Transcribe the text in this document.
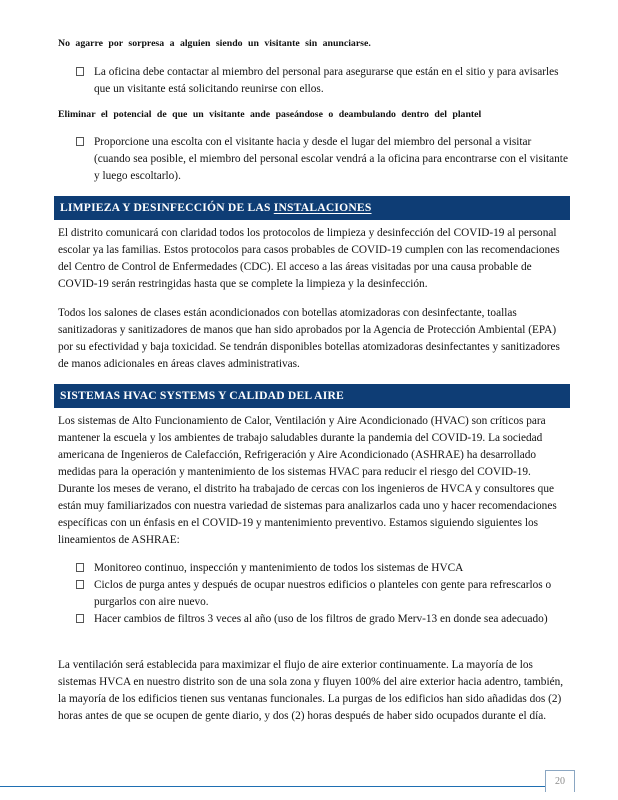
No agarre por sorpresa a alguien siendo un visitante sin anunciarse.

La oficina debe contactar al miembro del personal para asegurarse que están en el sitio y para avisarles que un visitante está solicitando reunirse con ellos.

Eliminar el potencial de que un visitante ande paseándose o deambulando dentro del plantel

Proporcione una escolta con el visitante hacia y desde el lugar del miembro del personal a visitar (cuando sea posible, el miembro del personal escolar vendrá a la oficina para encontrarse con el visitante y luego escoltarlo).
LIMPIEZA Y DESINFECCIÓN DE LAS INSTALACIONES

El distrito comunicará con claridad todos los protocolos de limpieza y desinfección del COVID-19 al personal escolar ya las familias. Estos protocolos para casos probables de COVID-19 cumplen con las recomendaciones del Centro de Control de Enfermedades (CDC). El acceso a las áreas visitadas por una causa probable de COVID-19 serán restringidas hasta que se complete la limpieza y la desinfección.

Todos los salones de clases están acondicionados con botellas atomizadoras con desinfectante, toallas sanitizadoras y sanitizadores de manos que han sido aprobados por la Agencia de Protección Ambiental (EPA) por su efectividad y baja toxicidad. Se tendrán disponibles botellas atomizadoras desinfectantes y sanitizadores de manos adicionales en áreas claves administrativas.

SISTEMAS HVAC SYSTEMS Y CALIDAD DEL AIRE

Los sistemas de Alto Funcionamiento de Calor, Ventilación y Aire Acondicionado (HVAC) son críticos para mantener la escuela y los ambientes de trabajo saludables durante la pandemia del COVID-19. La sociedad americana de Ingenieros de Calefacción, Refrigeración y Aire Acondicionado (ASHRAE) ha desarrollado medidas para la operación y mantenimiento de los sistemas HVAC para reducir el riesgo del COVID-19. Durante los meses de verano, el distrito ha trabajado de cercas con los ingenieros de HVCA y consultores que están muy familiarizados con nuestra variedad de sistemas para analizarlos cada uno y hacer recomendaciones específicas con un énfasis en el COVID-19 y mantenimiento preventivo. Estamos siguiendo siguientes los lineamientos de ASHRAE:

Monitoreo continuo, inspección y mantenimiento de todos los sistemas de HVCA
Ciclos de purga antes y después de ocupar nuestros edificios o planteles con gente para refrescarlos o purgarlos con aire nuevo.
Hacer cambios de filtros 3 veces al año (uso de los filtros de grado Merv-13 en donde sea adecuado)

La ventilación será establecida para maximizar el flujo de aire exterior continuamente. La mayoría de los sistemas HVCA en nuestro distrito son de una sola zona y fluyen 100% del aire exterior hacia adentro, también, la mayoría de los edificios tienen sus ventanas funcionales. La purgas de los edificios han sido añadidas dos (2) horas antes de que se ocupen de gente diario, y dos (2) horas después de haber sido ocupados durante el día.

20
